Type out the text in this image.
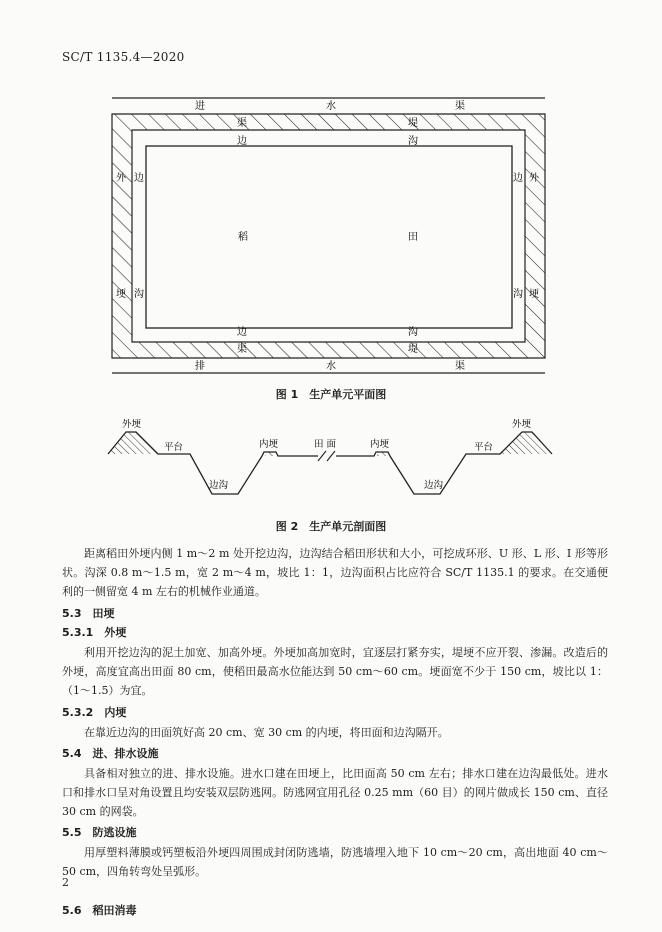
SC/T 1135.4—2020
进	水	渠
渠	堤
边	沟
外
埂
边
沟
边
沟
外
埂
稻	田
边	沟
渠	堤
排	水	渠
外埂	外埂
平台	平台
边沟	边沟
内埂	内埂
田 面
图 1　生产单元平面图
图 2　生产单元剖面图

距离稻田外埂内侧 1 m～2 m 处开挖边沟，边沟结合稻田形状和大小，可挖成环形、U 形、L 形、I 形等形状。沟深 0.8 m～1.5 m，宽 2 m～4 m，坡比 1：1，边沟面积占比应符合 SC/T 1135.1 的要求。在交通便利的一侧留宽 4 m 左右的机械作业通道。

5.3　田埂
5.3.1　外埂

利用开挖边沟的泥土加宽、加高外埂。外埂加高加宽时，宜逐层打紧夯实，堤埂不应开裂、渗漏。改造后的外埂，高度宜高出田面 80 cm，使稻田最高水位能达到 50 cm～60 cm。埂面宽不少于 150 cm，坡比以 1：（1～1.5）为宜。

5.3.2　内埂

在靠近边沟的田面筑好高 20 cm、宽 30 cm 的内埂，将田面和边沟隔开。

5.4　进、排水设施

具备相对独立的进、排水设施。进水口建在田埂上，比田面高 50 cm 左右；排水口建在边沟最低处。进水口和排水口呈对角设置且均安装双层防逃网。防逃网宜用孔径 0.25 mm（60 目）的网片做成长 150 cm、直径 30 cm 的网袋。

5.5　防逃设施

用厚塑料薄膜或钙塑板沿外埂四周围成封闭防逃墙，防逃墙埋入地下 10 cm～20 cm，高出地面 40 cm～50 cm，四角转弯处呈弧形。

5.6　稻田消毒
2
